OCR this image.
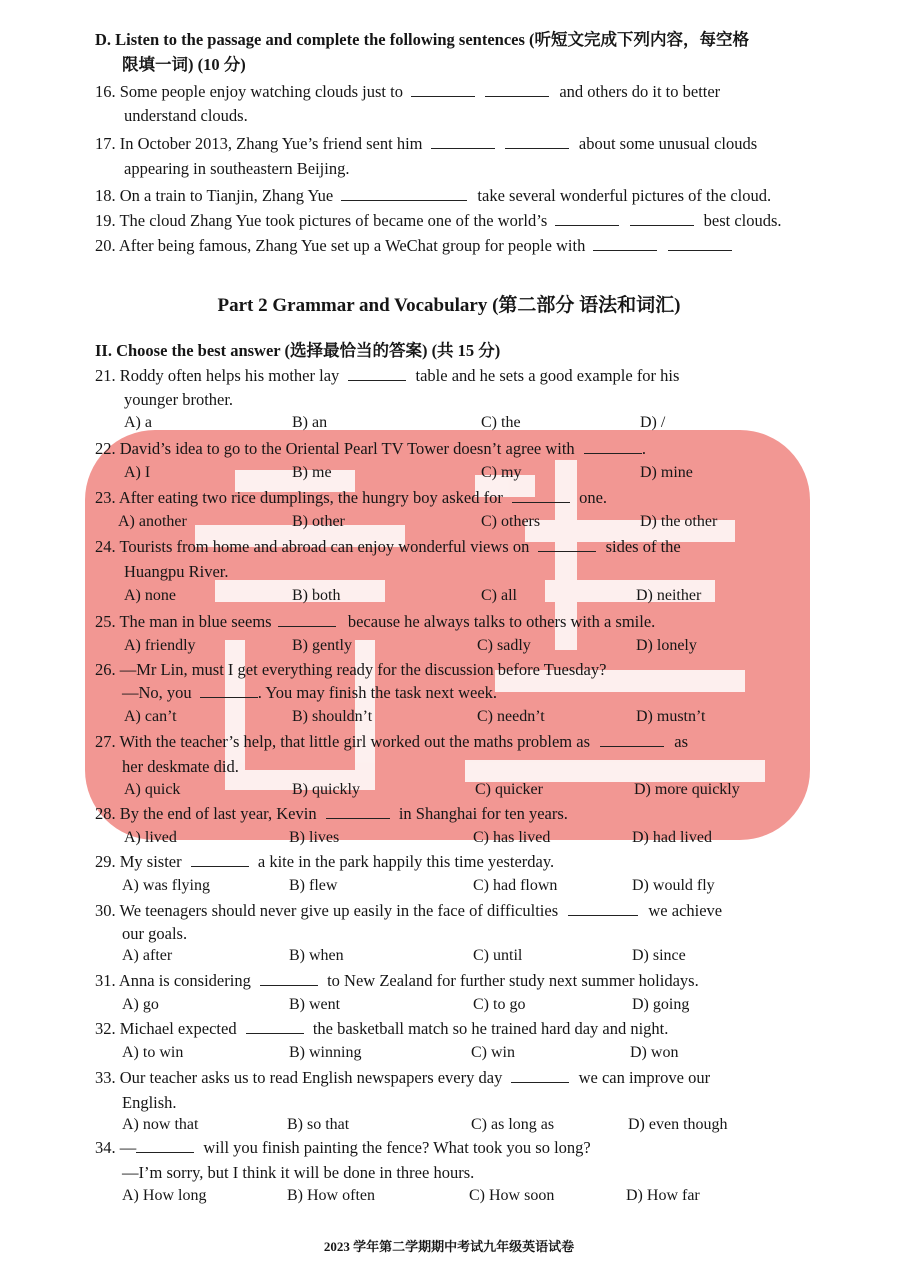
D. Listen to the passage and complete the following sentences (听短文完成下列内容，每空格
限填一词) (10 分)
16. Some people enjoy watching clouds just to	and others do it to better
understand clouds.
17. In October 2013, Zhang Yue’s friend sent him	about some unusual clouds
appearing in southeastern Beijing.
18. On a train to Tianjin, Zhang Yue	take several wonderful pictures of the cloud.
19. The cloud Zhang Yue took pictures of became one of the world’s	best clouds.
20. After being famous, Zhang Yue set up a WeChat group for people with
Part 2 Grammar and Vocabulary (第二部分 语法和词汇)
II. Choose the best answer (选择最恰当的答案) (共 15 分)
21. Roddy often helps his mother lay	table and he sets a good example for his
younger brother.
A) a	B) an	C) the	D) /
22. David’s idea to go to the Oriental Pearl TV Tower doesn’t agree with	.
A) I	B) me	C) my	D) mine
23. After eating two rice dumplings, the hungry boy asked for	one.
A) another	B) other	C) others	D) the other
24. Tourists from home and abroad can enjoy wonderful views on	sides of the
Huangpu River.
A) none	B) both	C) all	D) neither
25. The man in blue seems	because he always talks to others with a smile.
A) friendly	B) gently	C) sadly	D) lonely
26. —Mr Lin, must I get everything ready for the discussion before Tuesday?
—No, you	. You may finish the task next week.
A) can’t	B) shouldn’t	C) needn’t	D) mustn’t
27. With the teacher’s help, that little girl worked out the maths problem as	as
her deskmate did.
A) quick	B) quickly	C) quicker	D) more quickly
28. By the end of last year, Kevin	in Shanghai for ten years.
A) lived	B) lives	C) has lived	D) had lived
29. My sister	a kite in the park happily this time yesterday.
A) was flying	B) flew	C) had flown	D) would fly
30. We teenagers should never give up easily in the face of difficulties	we achieve
our goals.
A) after	B) when	C) until	D) since
31. Anna is considering	to New Zealand for further study next summer holidays.
A) go	B) went	C) to go	D) going
32. Michael expected	the basketball match so he trained hard day and night.
A) to win	B) winning	C) win	D) won
33. Our teacher asks us to read English newspapers every day	we can improve our
English.
A) now that	B) so that	C) as long as	D) even though
34. —	will you finish painting the fence? What took you so long?
—I’m sorry, but I think it will be done in three hours.
A) How long	B) How often	C) How soon	D) How far
2023 学年第二学期期中考试九年级英语试卷
